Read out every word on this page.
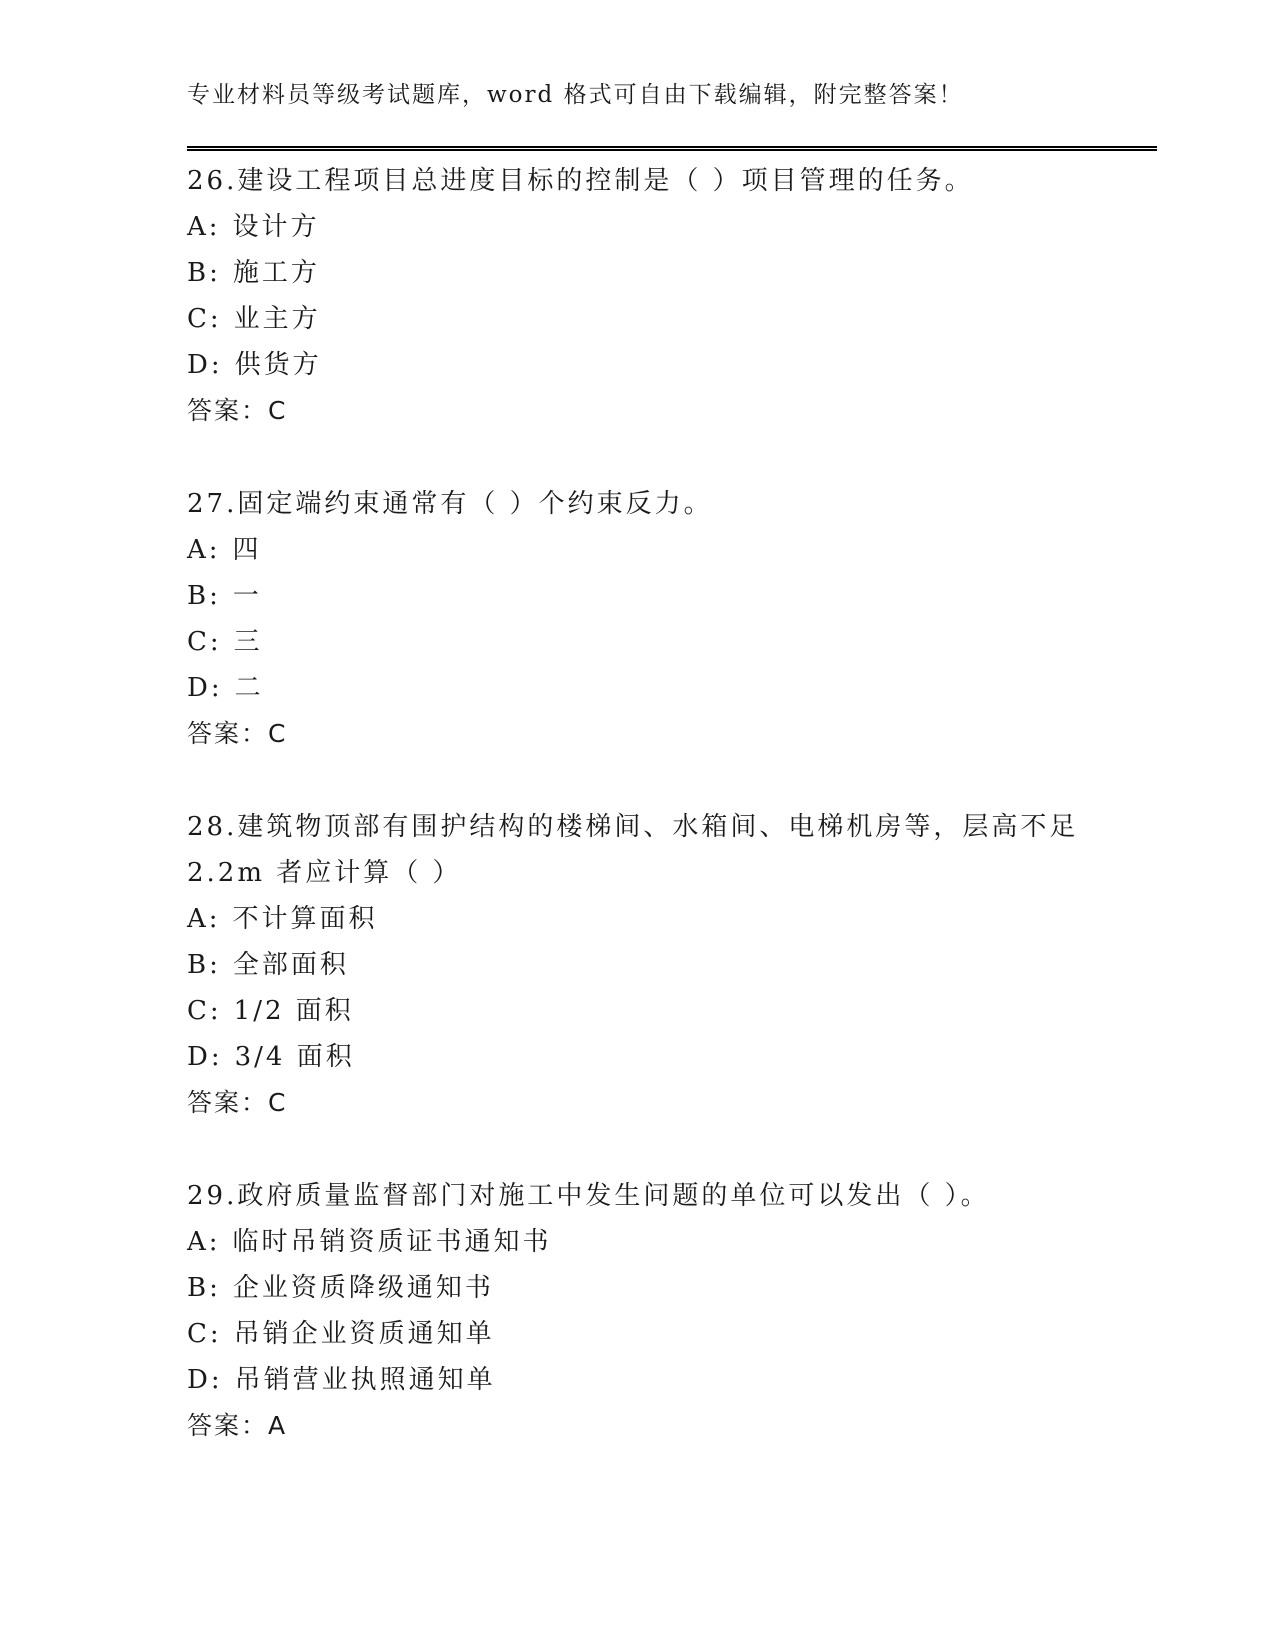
专业材料员等级考试题库，word 格式可自由下载编辑，附完整答案！
26.建设工程项目总进度目标的控制是（ ）项目管理的任务。
A: 设计方
B: 施工方
C: 业主方
D: 供货方
答案：C
27.固定端约束通常有（ ）个约束反力。
A: 四
B: 一
C: 三
D: 二
答案：C
28.建筑物顶部有围护结构的楼梯间、水箱间、电梯机房等，层高不足
2.2m 者应计算（ ）
A: 不计算面积
B: 全部面积
C: 1/2 面积
D: 3/4 面积
答案：C
29.政府质量监督部门对施工中发生问题的单位可以发出（ ）。
A: 临时吊销资质证书通知书
B: 企业资质降级通知书
C: 吊销企业资质通知单
D: 吊销营业执照通知单
答案：A
